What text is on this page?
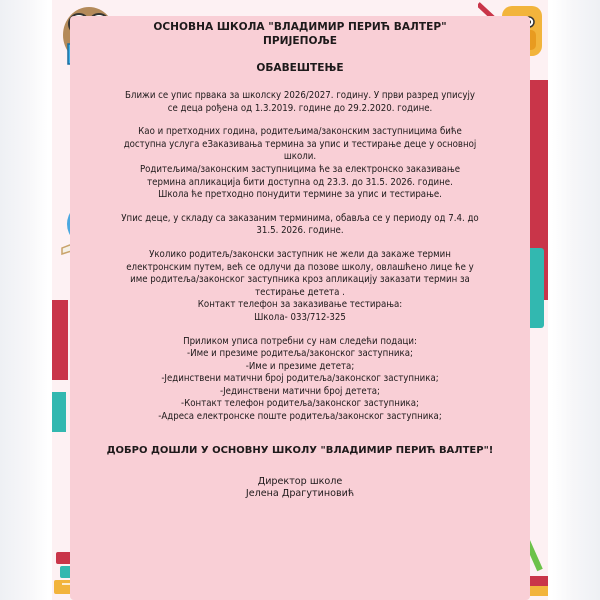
ОСНОВНА ШКОЛА "ВЛАДИМИР ПЕРИЋ ВАЛТЕР"

ПРИЈЕПОЉЕ

ОБАВЕШТЕЊЕ

Ближи се упис првака за школску 2026/2027. годину. У први разред уписују
се деца рођена од 1.3.2019. године до 29.2.2020. године.

Као и претходних година, родитељима/законским заступницима биће
доступна услуга еЗаказивања термина за упис и тестирање деце у основној
школи.
Родитељима/законским заступницима ће за електронско заказивање
термина апликација бити доступна од 23.3. до 31.5. 2026. године.
Школа ће претходно понудити термине за упис и тестирање.

Упис деце, у складу са заказаним терминима, обавља се у периоду од 7.4. до
31.5. 2026. године.

Уколико родитељ/законски заступник не жели да закаже термин
електронским путем, већ се одлучи да позове школу, овлашћено лице ће у
име родитеља/законског заступника кроз апликацију заказати термин за
тестирање детета .
Контакт телефон за заказивање тестирања:
Школа- 033/712-325

Приликом уписа потребни су нам следећи подаци:
-Име и презиме родитеља/законског заступника;
-Име и презиме детета;
-Јединствени матични број родитеља/законског заступника;
-Јединствени матични број детета;
-Контакт телефон родитеља/законског заступника;
-Адреса електронске поште родитеља/законског заступника;

ДОБРО ДОШЛИ У ОСНОВНУ ШКОЛУ "ВЛАДИМИР ПЕРИЋ ВАЛТЕР"!

Директор школе
Јелена Драгутиновић
